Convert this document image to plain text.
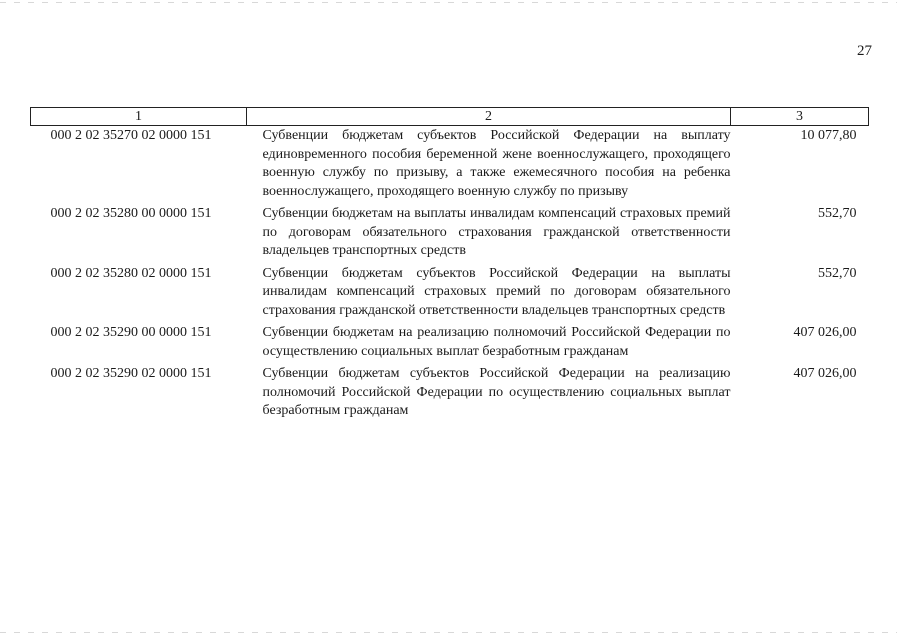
27
1	2	3
000 2 02 35270 02 0000 151	Субвенции бюджетам субъектов Российской Федерации на выплату единовременного пособия беременной жене военнослужащего, проходящего военную службу по призыву, а также ежемесячного пособия на ребенка военнослужащего, проходящего военную службу по призыву	10 077,80
000 2 02 35280 00 0000 151	Субвенции бюджетам на выплаты инвалидам компенсаций страховых премий по договорам обязательного страхования гражданской ответственности владельцев транспортных средств	552,70
000 2 02 35280 02 0000 151	Субвенции бюджетам субъектов Российской Федерации на выплаты инвалидам компенсаций страховых премий по договорам обязательного страхования гражданской ответственности владельцев транспортных средств	552,70
000 2 02 35290 00 0000 151	Субвенции бюджетам на реализацию полномочий Российской Федерации по осуществлению социальных выплат безработным гражданам	407 026,00
000 2 02 35290 02 0000 151	Субвенции бюджетам субъектов Российской Федерации на реализацию полномочий Российской Федерации по осуществлению социальных выплат безработным гражданам	407 026,00
